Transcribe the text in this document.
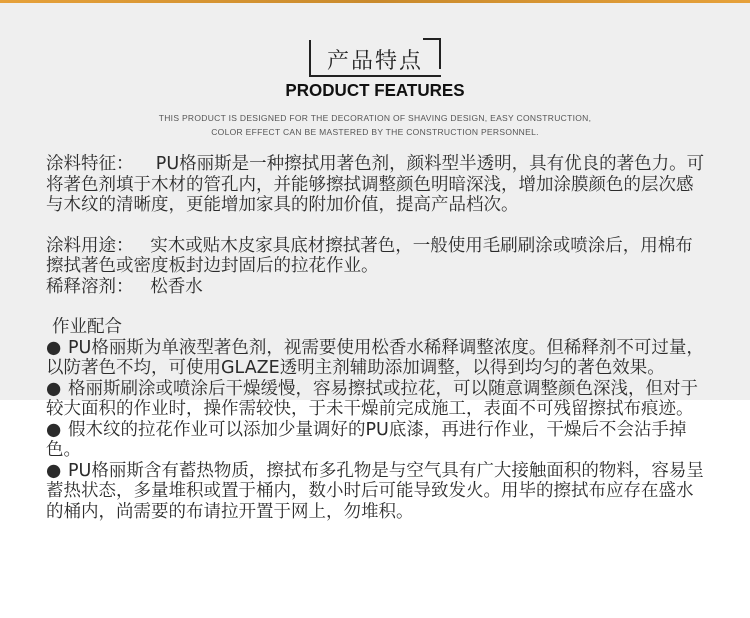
产品特点
PRODUCT FEATURES
THIS PRODUCT IS DESIGNED FOR THE DECORATION OF SHAVING DESIGN, EASY CONSTRUCTION,
COLOR EFFECT CAN BE MASTERED BY THE CONSTRUCTION PERSONNEL.

涂料特征： PU格丽斯是一种擦拭用著色剂，颜料型半透明，具有优良的著色力。可将著色剂填于木材的管孔内，并能够擦拭调整颜色明暗深浅，增加涂膜颜色的层次感与木纹的清晰度，更能增加家具的附加价值，提高产品档次。

涂料用途： 实木或贴木皮家具底材擦拭著色，一般使用毛刷刷涂或喷涂后，用棉布擦拭著色或密度板封边封固后的拉花作业。

稀释溶剂： 松香水

作业配合

● PU格丽斯为单液型著色剂，视需要使用松香水稀释调整浓度。但稀释剂不可过量，以防著色不均，可使用GLAZE透明主剂辅助添加调整，以得到均匀的著色效果。

● 格丽斯刷涂或喷涂后干燥缓慢，容易擦拭或拉花，可以随意调整颜色深浅，但对于较大面积的作业时，操作需较快，于未干燥前完成施工，表面不可残留擦拭布痕迹。

● 假木纹的拉花作业可以添加少量调好的PU底漆，再进行作业，干燥后不会沾手掉色。

● PU格丽斯含有蓄热物质，擦拭布多孔物是与空气具有广大接触面积的物料，容易呈蓄热状态，多量堆积或置于桶内，数小时后可能导致发火。用毕的擦拭布应存在盛水的桶内，尚需要的布请拉开置于网上，勿堆积。
